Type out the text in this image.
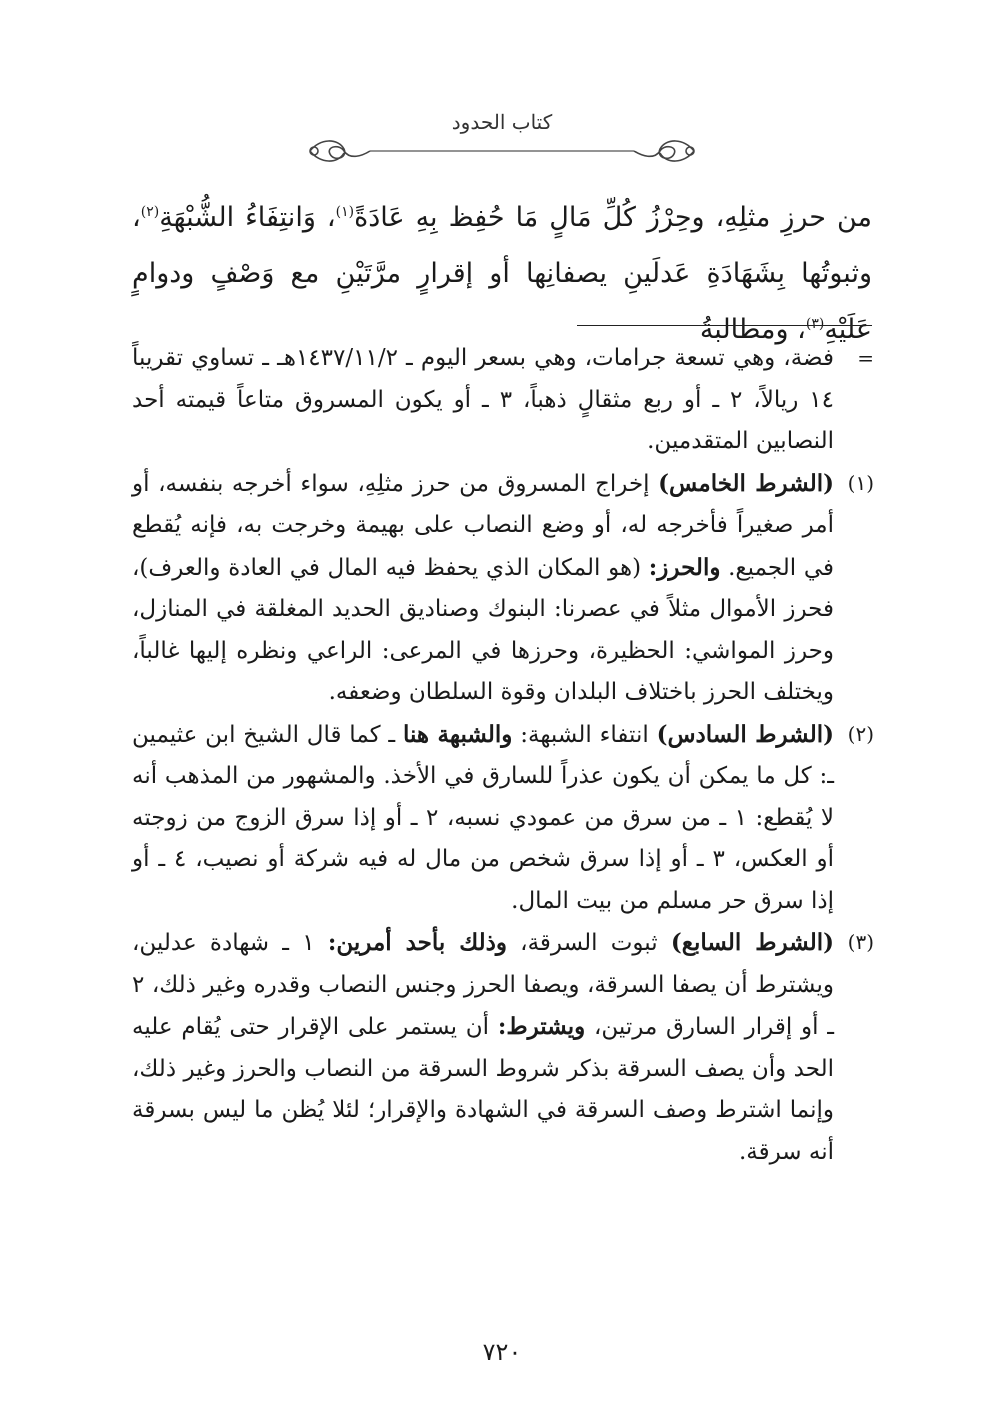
كتاب الحدود

من حرزِ مثلِهِ، وحِرْزُ كُلِّ مَالٍ مَا حُفِظ بِهِ عَادَةً$^{(١)}$، وَانتِفَاءُ الشُّبْهَةِ$^{(٢)}$، وثبوتُها بِشَهَادَةِ عَدلَينِ يصفانِها أو إقرارٍ مرَّتَيْنِ مع وَصْفٍ ودوامٍ عَلَيْهِ$^{(٣)}$، ومطالبةُ

=
فضة، وهي تسعة جرامات، وهي بسعر اليوم ـ ١٤٣٧/١١/٢هـ ـ تساوي تقريباً ١٤ ريالاً، ٢ ـ أو ربع مثقالٍ ذهباً، ٣ ـ أو يكون المسروق متاعاً قيمته أحد النصابين المتقدمين.
(١)
(الشرط الخامس) إخراج المسروق من حرز مثلِهِ، سواء أخرجه بنفسه، أو أمر صغيراً فأخرجه له، أو وضع النصاب على بهيمة وخرجت به، فإنه يُقطع في الجميع. والحرز: (هو المكان الذي يحفظ فيه المال في العادة والعرف)، فحرز الأموال مثلاً في عصرنا: البنوك وصناديق الحديد المغلقة في المنازل، وحرز المواشي: الحظيرة، وحرزها في المرعى: الراعي ونظره إليها غالباً، ويختلف الحرز باختلاف البلدان وقوة السلطان وضعفه.
(٢)
(الشرط السادس) انتفاء الشبهة: والشبهة هنا ـ كما قال الشيخ ابن عثيمين ـ: كل ما يمكن أن يكون عذراً للسارق في الأخذ. والمشهور من المذهب أنه لا يُقطع: ١ ـ من سرق من عمودي نسبه، ٢ ـ أو إذا سرق الزوج من زوجته أو العكس، ٣ ـ أو إذا سرق شخص من مال له فيه شركة أو نصيب، ٤ ـ أو إذا سرق حر مسلم من بيت المال.
(٣)
(الشرط السابع) ثبوت السرقة، وذلك بأحد أمرين: ١ ـ شهادة عدلين، ويشترط أن يصفا السرقة، ويصفا الحرز وجنس النصاب وقدره وغير ذلك، ٢ ـ أو إقرار السارق مرتين، ويشترط: أن يستمر على الإقرار حتى يُقام عليه الحد وأن يصف السرقة بذكر شروط السرقة من النصاب والحرز وغير ذلك، وإنما اشترط وصف السرقة في الشهادة والإقرار؛ لئلا يُظن ما ليس بسرقة أنه سرقة.
٧٢٠
